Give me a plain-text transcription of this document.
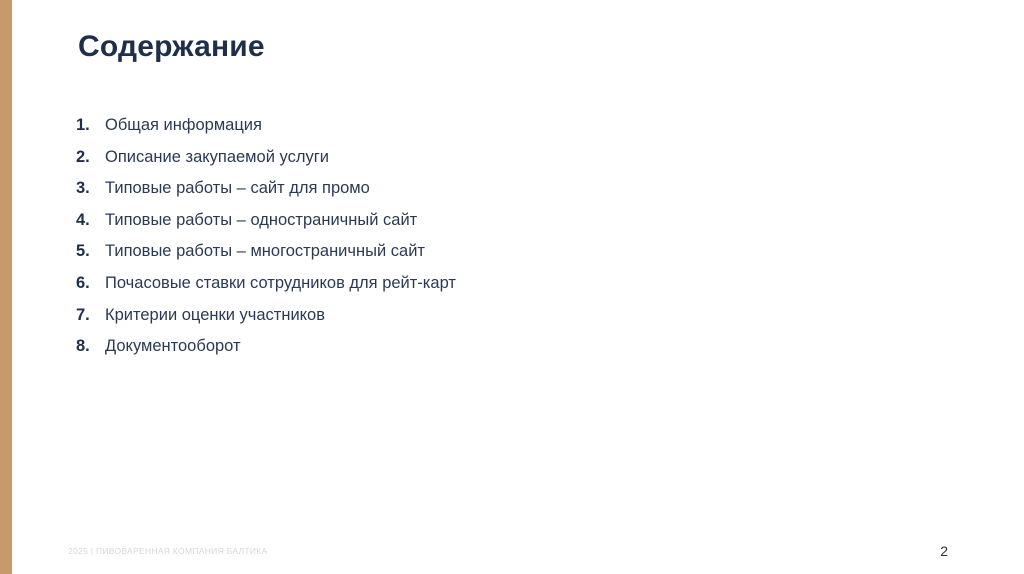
Содержание
1. Общая информация
2. Описание закупаемой услуги
3. Типовые работы – сайт для промо
4. Типовые работы – одностраничный сайт
5. Типовые работы – многостраничный сайт
6. Почасовые ставки сотрудников для рейт-карт
7. Критерии оценки участников
8. Документооборот
2025 | ПИВОВАРЕННАЯ КОМПАНИЯ БАЛТИКА	2
